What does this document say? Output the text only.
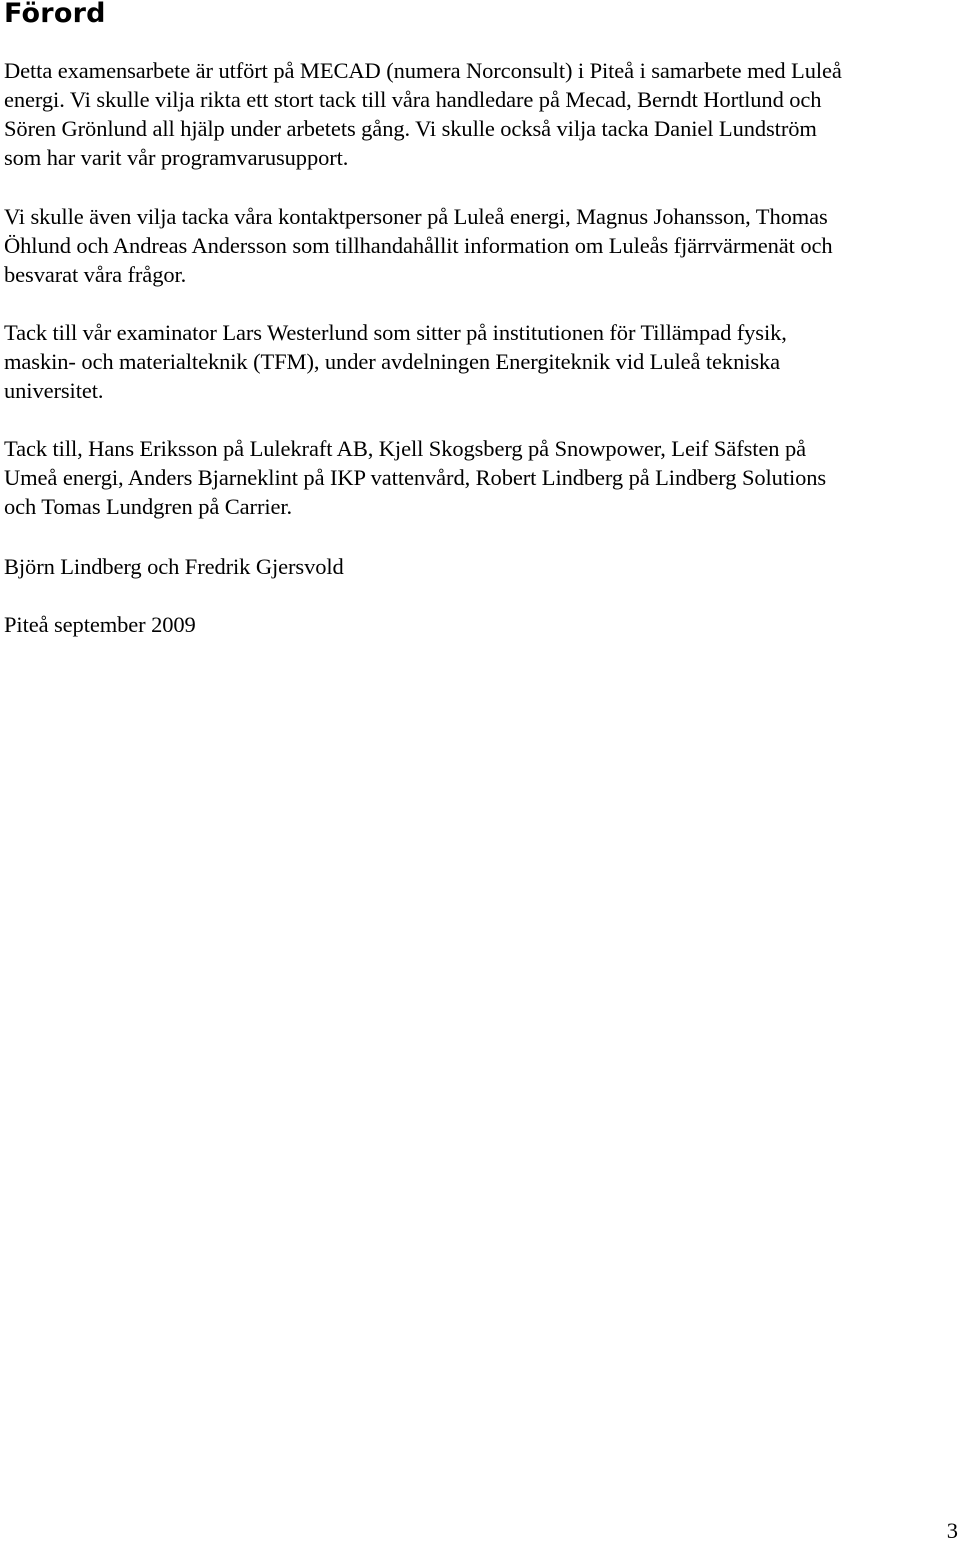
Förord

Detta examensarbete är utfört på MECAD (numera Norconsult) i Piteå i samarbete med Luleå
energi. Vi skulle vilja rikta ett stort tack till våra handledare på Mecad, Berndt Hortlund och
Sören Grönlund all hjälp under arbetets gång. Vi skulle också vilja tacka Daniel Lundström
som har varit vår programvarusupport.

Vi skulle även vilja tacka våra kontaktpersoner på Luleå energi, Magnus Johansson, Thomas
Öhlund och Andreas Andersson som tillhandahållit information om Luleås fjärrvärmenät och
besvarat våra frågor.

Tack till vår examinator Lars Westerlund som sitter på institutionen för Tillämpad fysik,
maskin- och materialteknik (TFM), under avdelningen Energiteknik vid Luleå tekniska
universitet.

Tack till, Hans Eriksson på Lulekraft AB, Kjell Skogsberg på Snowpower, Leif Säfsten på
Umeå energi, Anders Bjarneklint på IKP vattenvård, Robert Lindberg på Lindberg Solutions
och Tomas Lundgren på Carrier.

Björn Lindberg och Fredrik Gjersvold

Piteå september 2009

3
